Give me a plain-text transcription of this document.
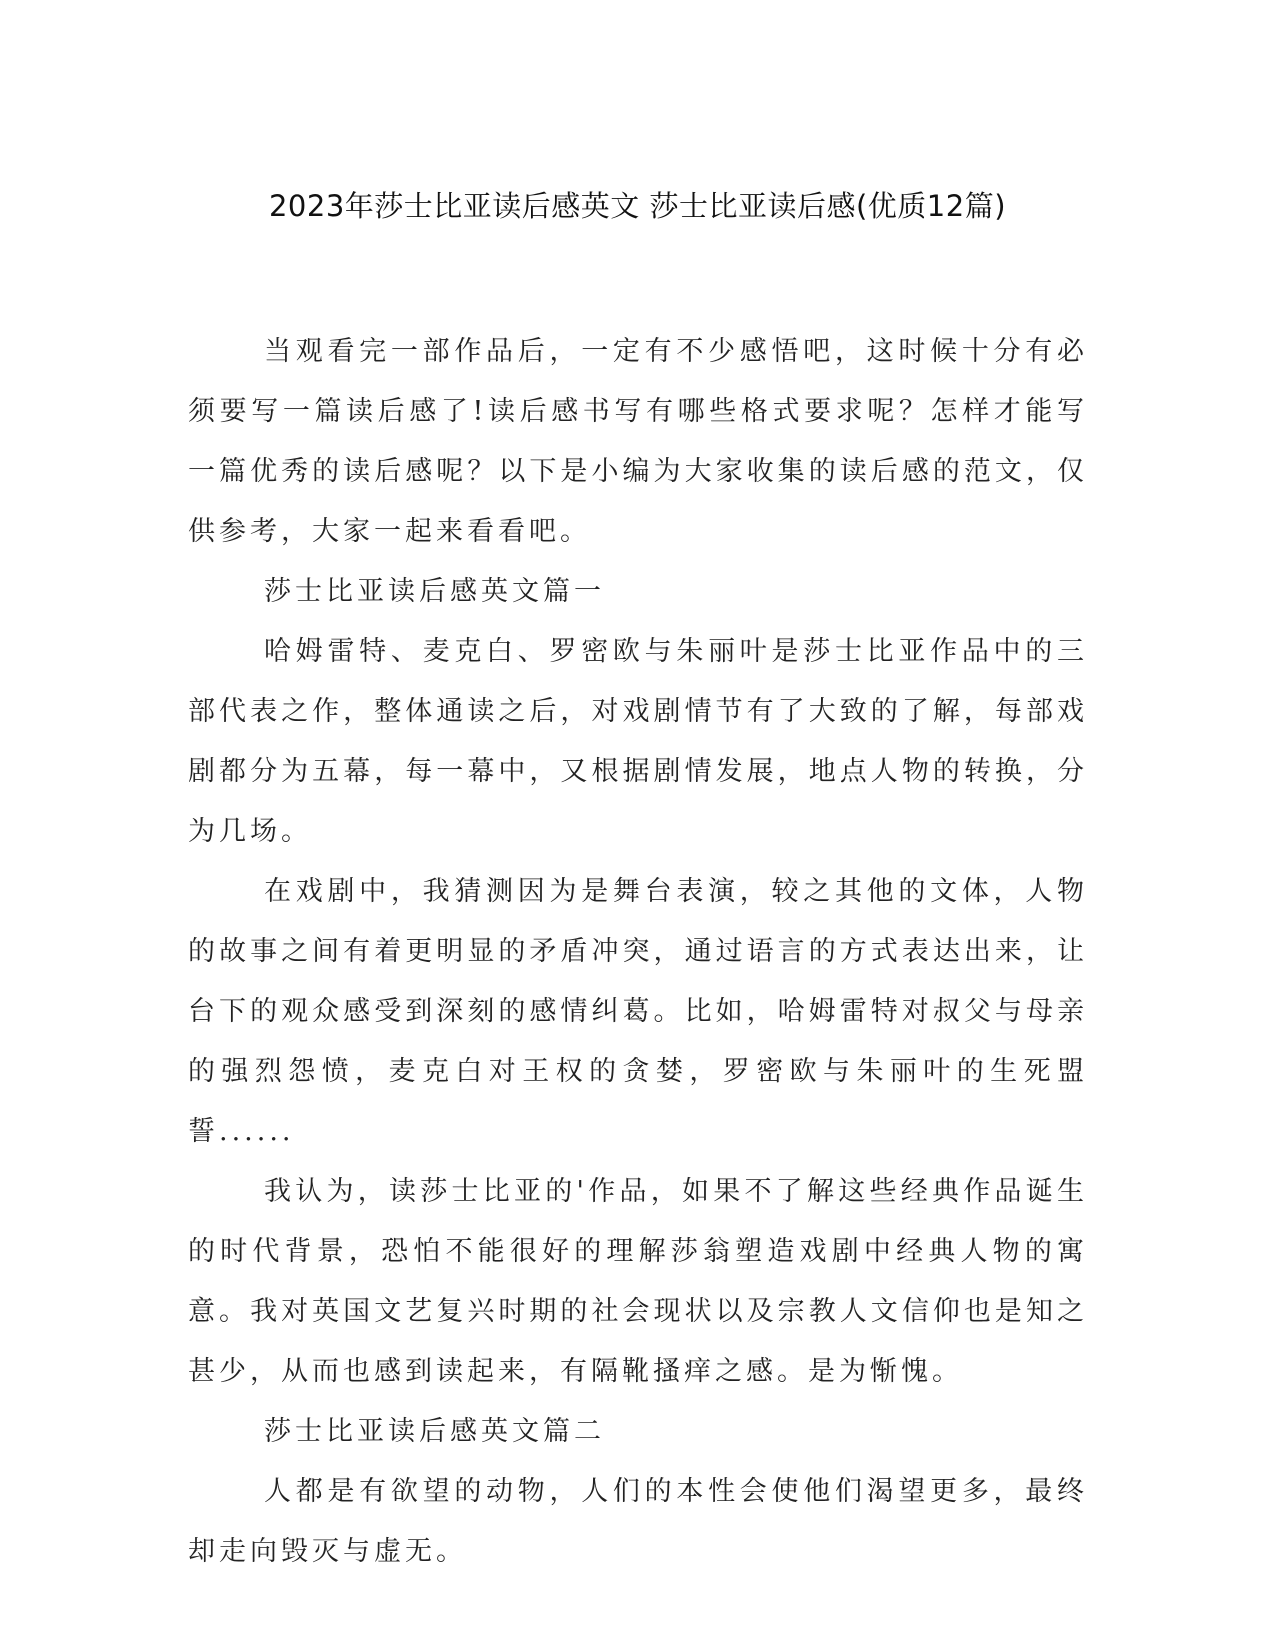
2023年莎士比亚读后感英文 莎士比亚读后感(优质12篇)

当观看完一部作品后，一定有不少感悟吧，这时候十分有必须要写一篇读后感了!读后感书写有哪些格式要求呢？怎样才能写一篇优秀的读后感呢？以下是小编为大家收集的读后感的范文，仅供参考，大家一起来看看吧。

莎士比亚读后感英文篇一

哈姆雷特、麦克白、罗密欧与朱丽叶是莎士比亚作品中的三部代表之作，整体通读之后，对戏剧情节有了大致的了解，每部戏剧都分为五幕，每一幕中，又根据剧情发展，地点人物的转换，分为几场。

在戏剧中，我猜测因为是舞台表演，较之其他的文体，人物的故事之间有着更明显的矛盾冲突，通过语言的方式表达出来，让台下的观众感受到深刻的感情纠葛。比如，哈姆雷特对叔父与母亲的强烈怨愤，麦克白对王权的贪婪，罗密欧与朱丽叶的生死盟誓......

我认为，读莎士比亚的'作品，如果不了解这些经典作品诞生的时代背景，恐怕不能很好的理解莎翁塑造戏剧中经典人物的寓意。我对英国文艺复兴时期的社会现状以及宗教人文信仰也是知之甚少，从而也感到读起来，有隔靴搔痒之感。是为惭愧。

莎士比亚读后感英文篇二

人都是有欲望的动物，人们的本性会使他们渴望更多，最终却走向毁灭与虚无。
